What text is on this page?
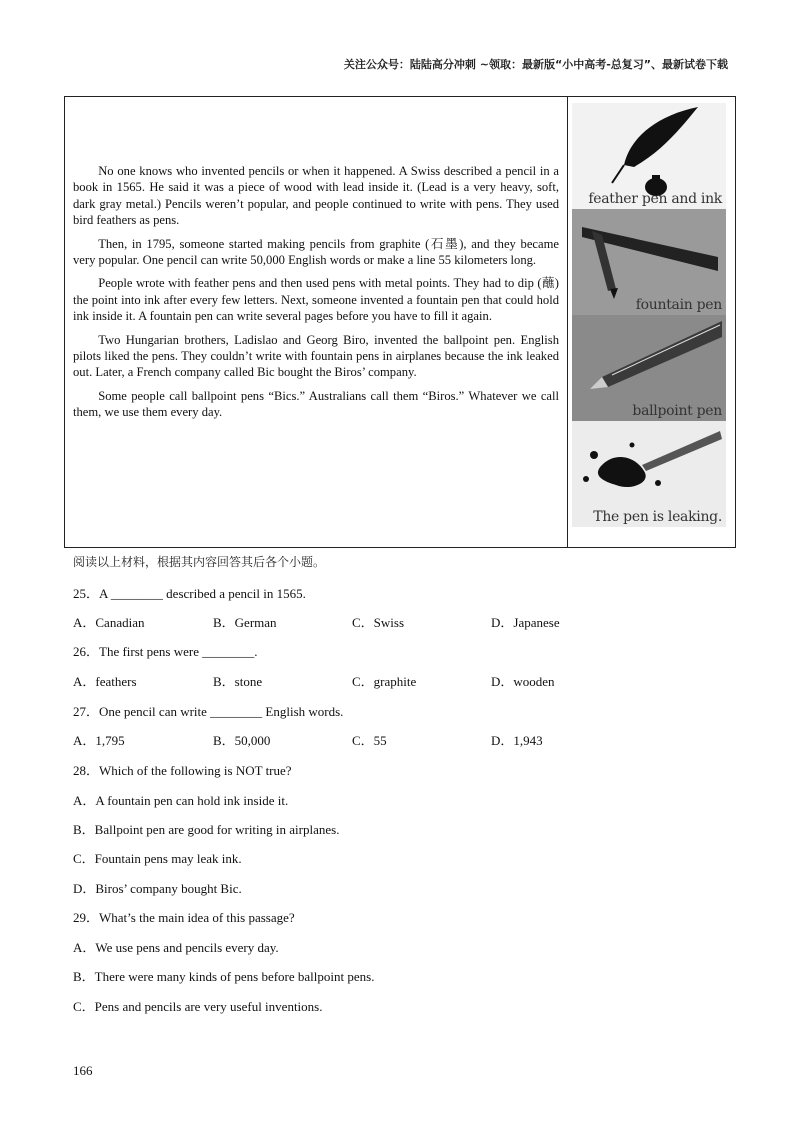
关注公众号：陆陆高分冲刺 ~领取：最新版“小中高考-总复习”、最新试卷下载

No one knows who invented pencils or when it happened. A Swiss described a pencil in a book in 1565. He said it was a piece of wood with lead inside it. (Lead is a very heavy, soft, dark gray metal.) Pencils weren’t popular, and people continued to write with pens. They used bird feathers as pens.

Then, in 1795, someone started making pencils from graphite (石墨), and they became very popular. One pencil can write 50,000 English words or make a line 55 kilometers long.

People wrote with feather pens and then used pens with metal points. They had to dip (蘸) the point into ink after every few letters. Next, someone invented a fountain pen that could hold ink inside it. A fountain pen can write several pages before you have to fill it again.

Two Hungarian brothers, Ladislao and Georg Biro, invented the ballpoint pen. English pilots liked the pens. They couldn’t write with fountain pens in airplanes because the ink leaked out. Later, a French company called Bic bought the Biros’ company.

Some people call ballpoint pens “Bics.” Australians call them “Biros.” Whatever we call them, we use them every day.

feather pen and ink
fountain pen
ballpoint pen
The pen is leaking.
阅读以上材料，根据其内容回答其后各个小题。
25．A ________ described a pencil in 1565.
A．Canadian	B．German	C．Swiss	D．Japanese
26．The first pens were ________.
A．feathers	B．stone	C．graphite	D．wooden
27．One pencil can write ________ English words.
A．1,795	B．50,000	C．55	D．1,943
28．Which of the following is NOT true?
A．A fountain pen can hold ink inside it.
B．Ballpoint pen are good for writing in airplanes.
C．Fountain pens may leak ink.
D．Biros’ company bought Bic.
29．What’s the main idea of this passage?
A．We use pens and pencils every day.
B．There were many kinds of pens before ballpoint pens.
C．Pens and pencils are very useful inventions.
166
